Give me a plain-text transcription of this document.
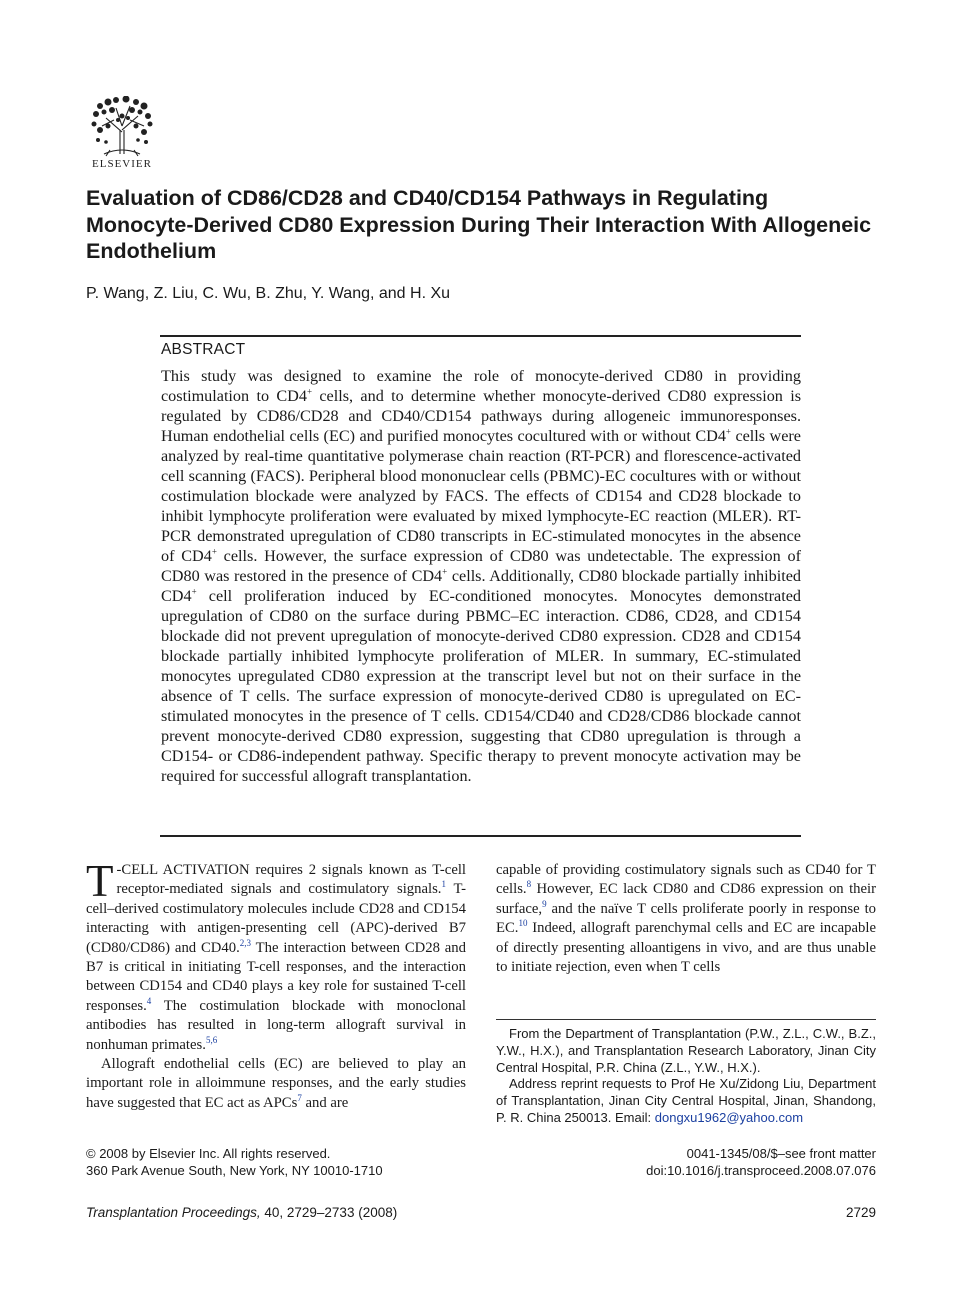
ELSEVIER
Evaluation of CD86/CD28 and CD40/CD154 Pathways in Regulating Monocyte-Derived CD80 Expression During Their Interaction With Allogeneic Endothelium
P. Wang, Z. Liu, C. Wu, B. Zhu, Y. Wang, and H. Xu
ABSTRACT
This study was designed to examine the role of monocyte-derived CD80 in providing costimulation to CD4+ cells, and to determine whether monocyte-derived CD80 expression is regulated by CD86/CD28 and CD40/CD154 pathways during allogeneic immunoresponses. Human endothelial cells (EC) and purified monocytes cocultured with or without CD4+ cells were analyzed by real-time quantitative polymerase chain reaction (RT-PCR) and florescence-activated cell scanning (FACS). Peripheral blood mononuclear cells (PBMC)-EC cocultures with or without costimulation blockade were analyzed by FACS. The effects of CD154 and CD28 blockade to inhibit lymphocyte proliferation were evaluated by mixed lymphocyte-EC reaction (MLER). RT-PCR demonstrated upregulation of CD80 transcripts in EC-stimulated monocytes in the absence of CD4+ cells. However, the surface expression of CD80 was undetectable. The expression of CD80 was restored in the presence of CD4+ cells. Additionally, CD80 blockade partially inhibited CD4+ cell proliferation induced by EC-conditioned monocytes. Monocytes demonstrated upregulation of CD80 on the surface during PBMC–EC interaction. CD86, CD28, and CD154 blockade did not prevent upregulation of monocyte-derived CD80 expression. CD28 and CD154 blockade partially inhibited lymphocyte proliferation of MLER. In summary, EC-stimulated monocytes upregulated CD80 expression at the transcript level but not on their surface in the absence of T cells. The surface expression of monocyte-derived CD80 is upregulated on EC-stimulated monocytes in the presence of T cells. CD154/CD40 and CD28/CD86 blockade cannot prevent monocyte-derived CD80 expression, suggesting that CD80 upregulation is through a CD154- or CD86-independent pathway. Specific therapy to prevent monocyte activation may be required for successful allograft transplantation.

T -CELL ACTIVATION requires 2 signals known as T-cell receptor-mediated signals and costimulatory signals.$^1$ T-cell–derived costimulatory molecules include CD28 and CD154 interacting with antigen-presenting cell (APC)-derived B7 (CD80/CD86) and CD40.$^{2,3}$ The interaction between CD28 and B7 is critical in initiating T-cell responses, and the interaction between CD154 and CD40 plays a key role for sustained T-cell responses.$^4$ The costimulation blockade with monoclonal antibodies has resulted in long-term allograft survival in nonhuman primates.$^{5,6}$

Allograft endothelial cells (EC) are believed to play an important role in alloimmune responses, and the early studies have suggested that EC act as APCs$^7$ and are

capable of providing costimulatory signals such as CD40 for T cells.$^8$ However, EC lack CD80 and CD86 expression on their surface,$^9$ and the naïve T cells proliferate poorly in response to EC.$^{10}$ Indeed, allograft parenchymal cells and EC are incapable of directly presenting alloantigens in vivo, and are thus unable to initiate rejection, even when T cells

From the Department of Transplantation (P.W., Z.L., C.W., B.Z., Y.W., H.X.), and Transplantation Research Laboratory, Jinan City Central Hospital, P.R. China (Z.L., Y.W., H.X.).

Address reprint requests to Prof He Xu/Zidong Liu, Department of Transplantation, Jinan City Central Hospital, Jinan, Shandong, P. R. China 250013. Email: dongxu1962@yahoo.com

© 2008 by Elsevier Inc. All rights reserved.
360 Park Avenue South, New York, NY 10010-1710
0041-1345/08/$–see front matter
doi:10.1016/j.transproceed.2008.07.076
Transplantation Proceedings, 40, 2729–2733 (2008)	2729
